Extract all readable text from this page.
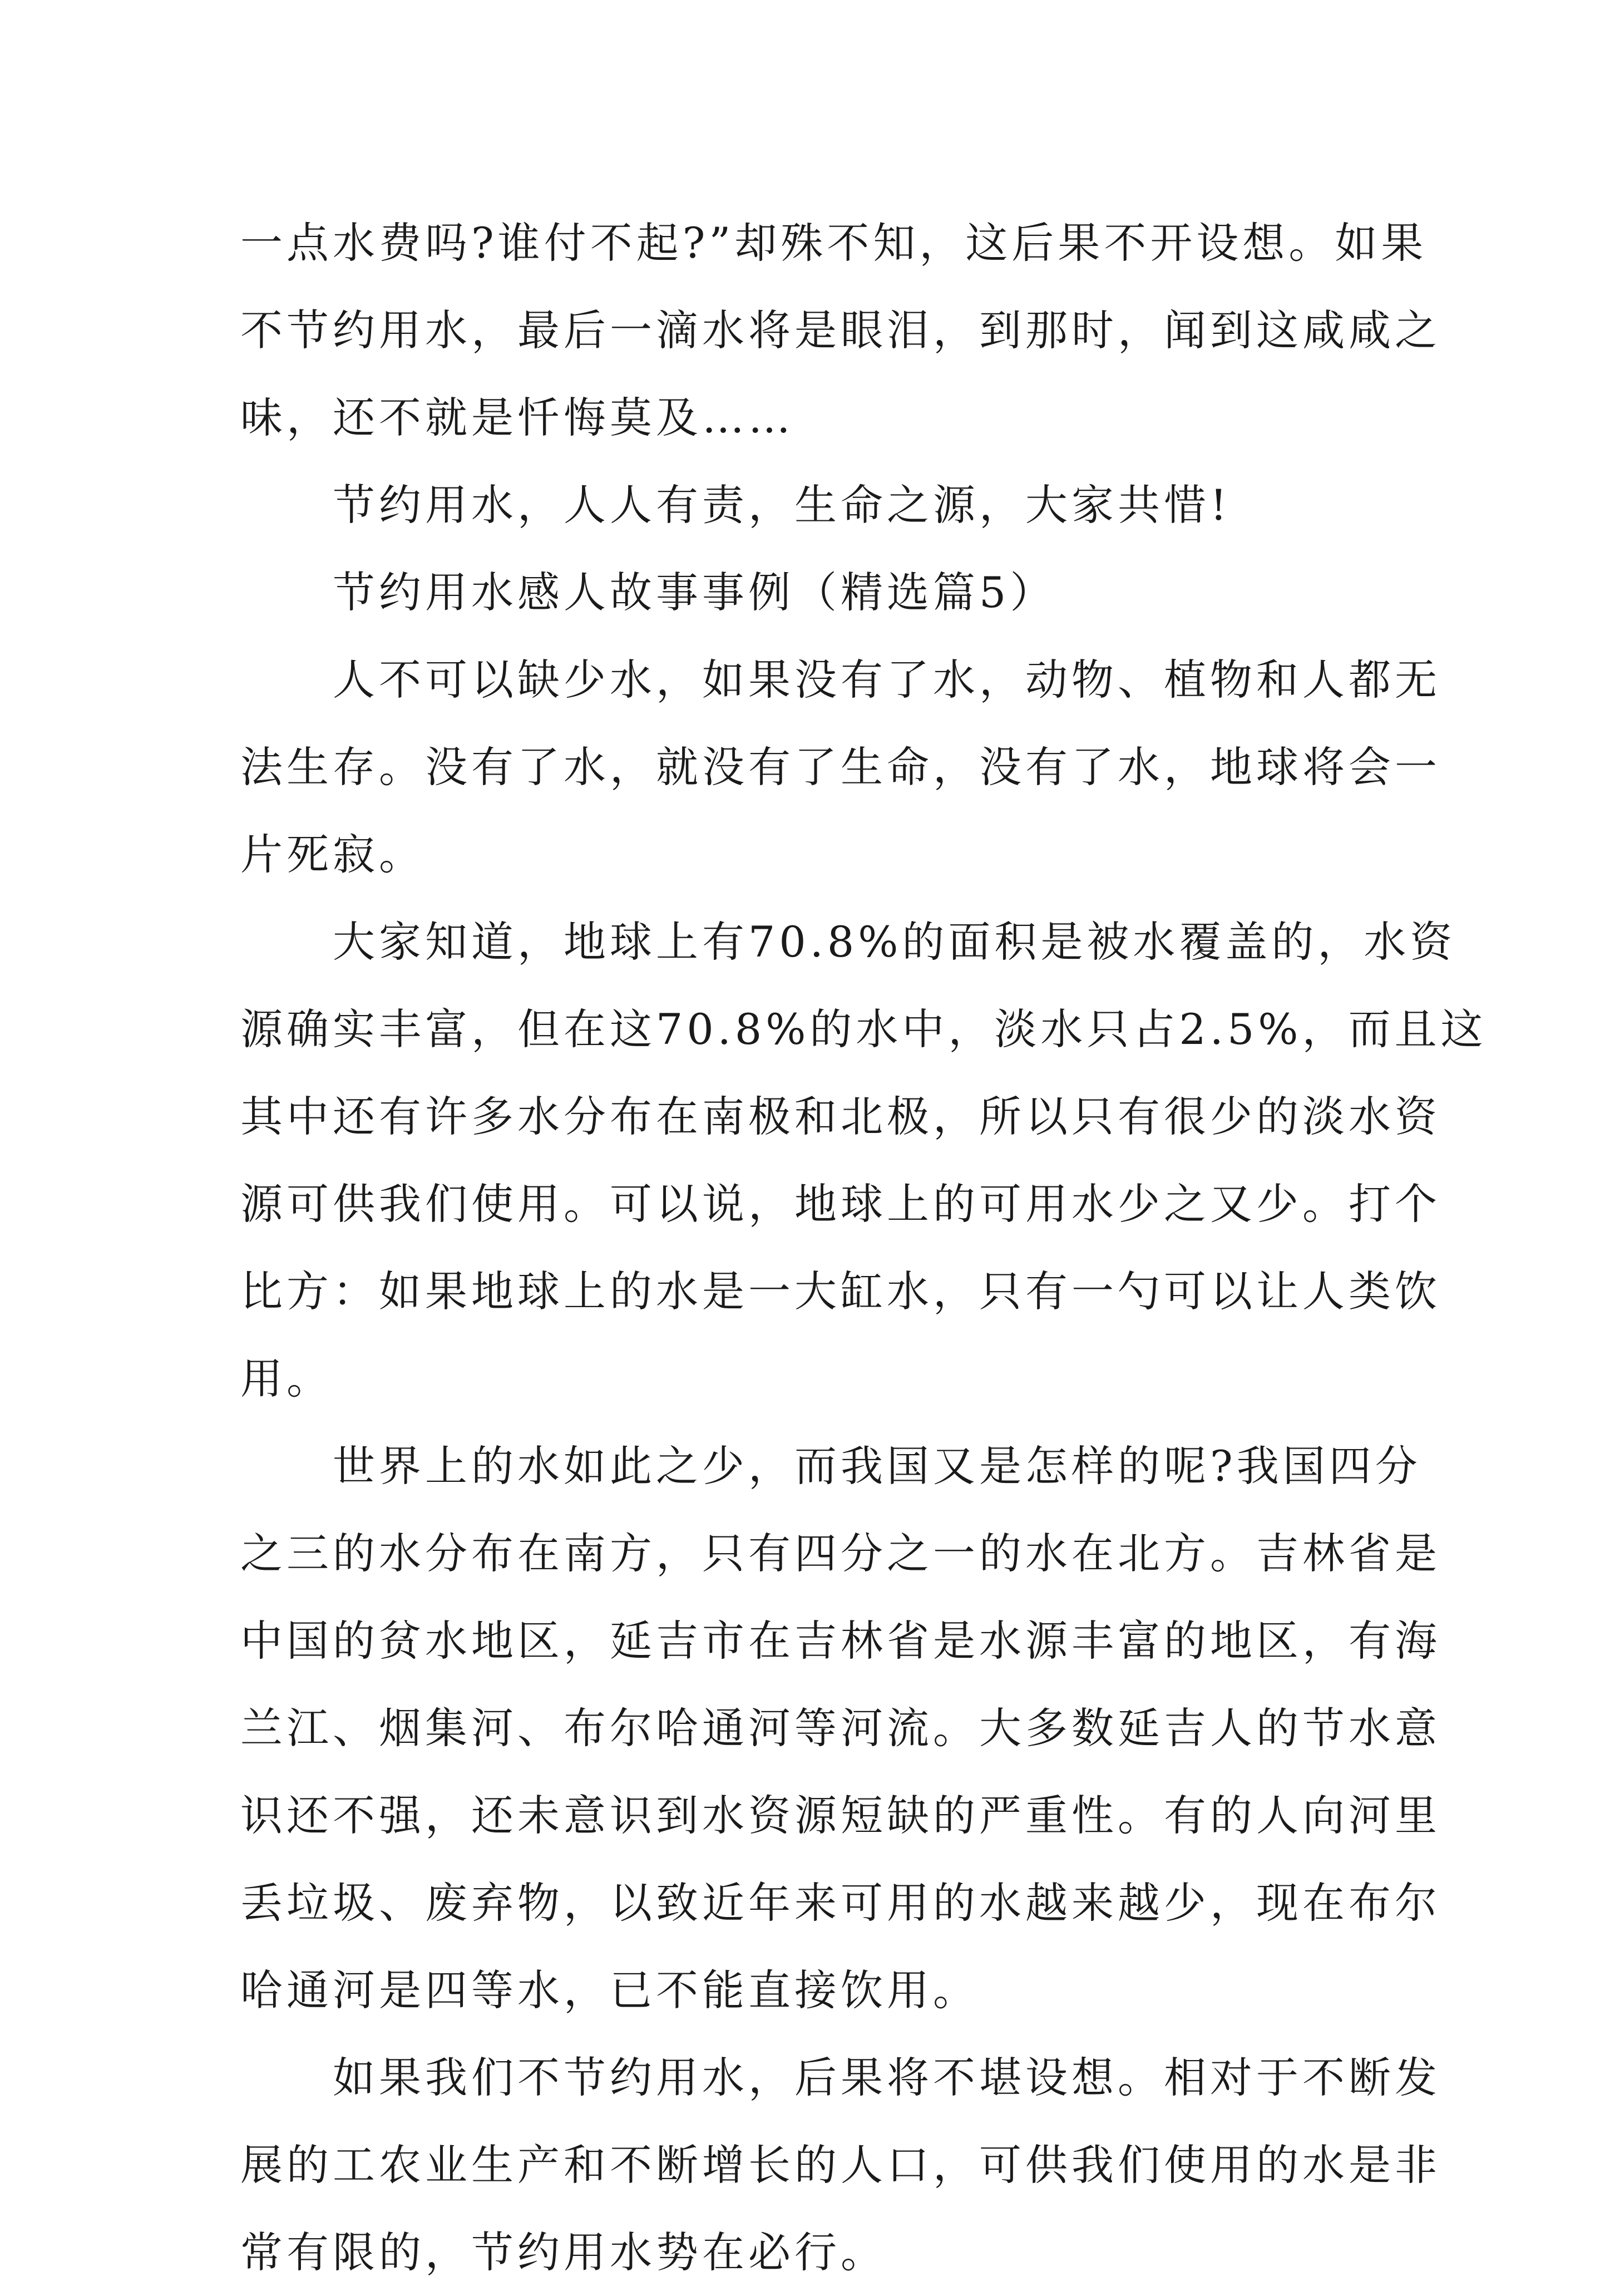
一点水费吗?谁付不起?”却殊不知，这后果不开设想。如果
不节约用水，最后一滴水将是眼泪，到那时，闻到这咸咸之
味，还不就是忏悔莫及……
　　节约用水，人人有责，生命之源，大家共惜!
　　节约用水感人故事事例（精选篇5）
　　人不可以缺少水，如果没有了水，动物、植物和人都无
法生存。没有了水，就没有了生命，没有了水，地球将会一
片死寂。
　　大家知道，地球上有70.8%的面积是被水覆盖的，水资
源确实丰富，但在这70.8%的水中，淡水只占2.5%，而且这
其中还有许多水分布在南极和北极，所以只有很少的淡水资
源可供我们使用。可以说，地球上的可用水少之又少。打个
比方：如果地球上的水是一大缸水，只有一勺可以让人类饮
用。
　　世界上的水如此之少，而我国又是怎样的呢?我国四分
之三的水分布在南方，只有四分之一的水在北方。吉林省是
中国的贫水地区，延吉市在吉林省是水源丰富的地区，有海
兰江、烟集河、布尔哈通河等河流。大多数延吉人的节水意
识还不强，还未意识到水资源短缺的严重性。有的人向河里
丢垃圾、废弃物，以致近年来可用的水越来越少，现在布尔
哈通河是四等水，已不能直接饮用。
　　如果我们不节约用水，后果将不堪设想。相对于不断发
展的工农业生产和不断增长的人口，可供我们使用的水是非
常有限的，节约用水势在必行。
